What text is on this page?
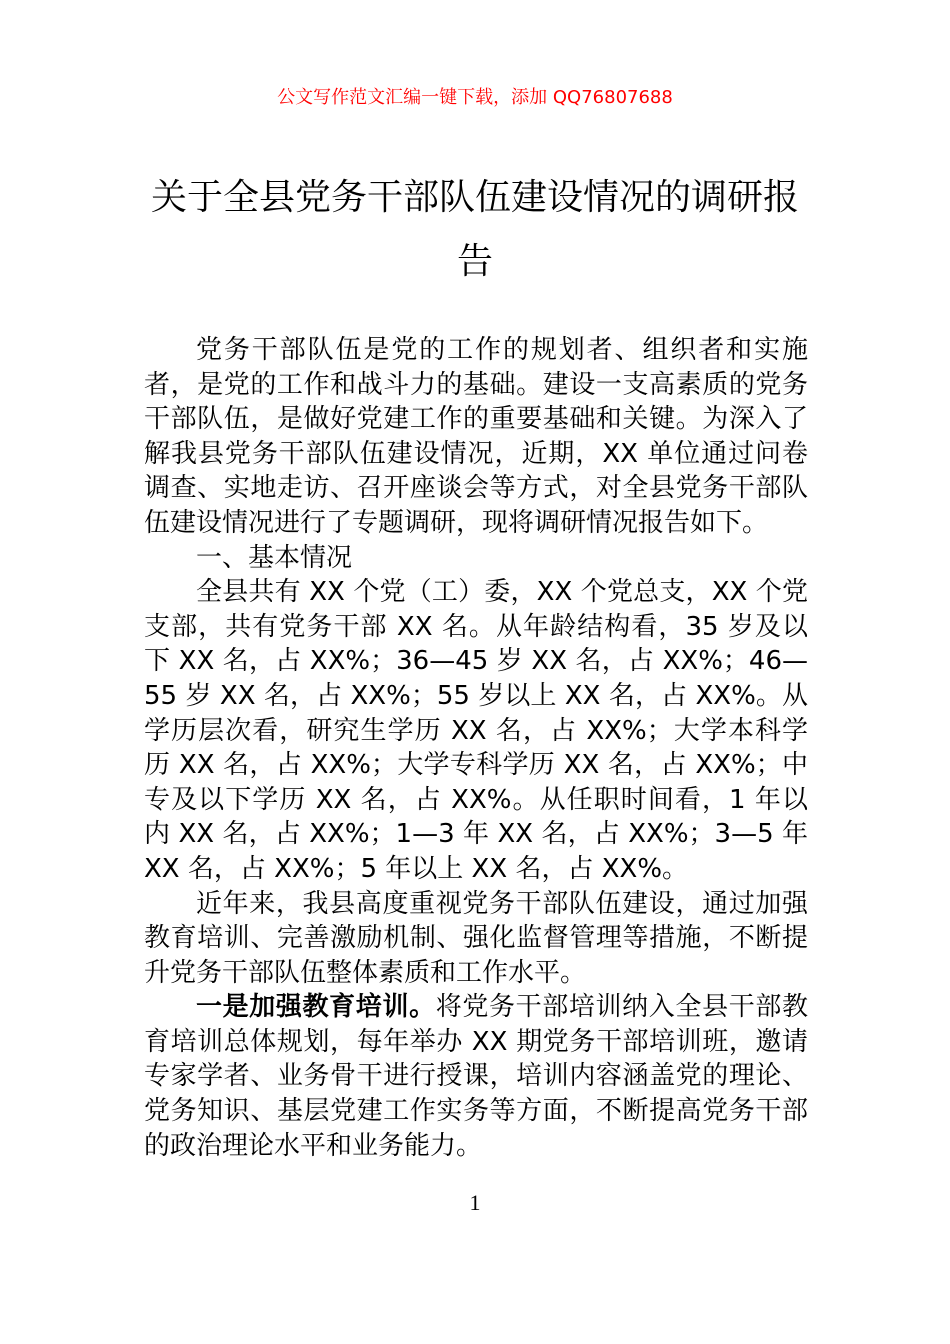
公文写作范文汇编一键下载，添加 QQ76807688
关于全县党务干部队伍建设情况的调研报告

党务干部队伍是党的工作的规划者、组织者和实施者，是党的工作和战斗力的基础。建设一支高素质的党务干部队伍，是做好党建工作的重要基础和关键。为深入了解我县党务干部队伍建设情况，近期，XX 单位通过问卷调查、实地走访、召开座谈会等方式，对全县党务干部队伍建设情况进行了专题调研，现将调研情况报告如下。

一、基本情况

全县共有 XX 个党（工）委，XX 个党总支，XX 个党支部，共有党务干部 XX 名。从年龄结构看，35 岁及以下 XX 名，占 XX%；36—45 岁 XX 名，占 XX%；46—55 岁 XX 名，占 XX%；55 岁以上 XX 名，占 XX%。从学历层次看，研究生学历 XX 名，占 XX%；大学本科学历 XX 名，占 XX%；大学专科学历 XX 名，占 XX%；中专及以下学历 XX 名，占 XX%。从任职时间看，1 年以内 XX 名，占 XX%；1—3 年 XX 名，占 XX%；3—5 年 XX 名，占 XX%；5 年以上 XX 名，占 XX%。

近年来，我县高度重视党务干部队伍建设，通过加强教育培训、完善激励机制、强化监督管理等措施，不断提升党务干部队伍整体素质和工作水平。

一是加强教育培训。将党务干部培训纳入全县干部教育培训总体规划，每年举办 XX 期党务干部培训班，邀请专家学者、业务骨干进行授课，培训内容涵盖党的理论、党务知识、基层党建工作实务等方面，不断提高党务干部的政治理论水平和业务能力。

1
